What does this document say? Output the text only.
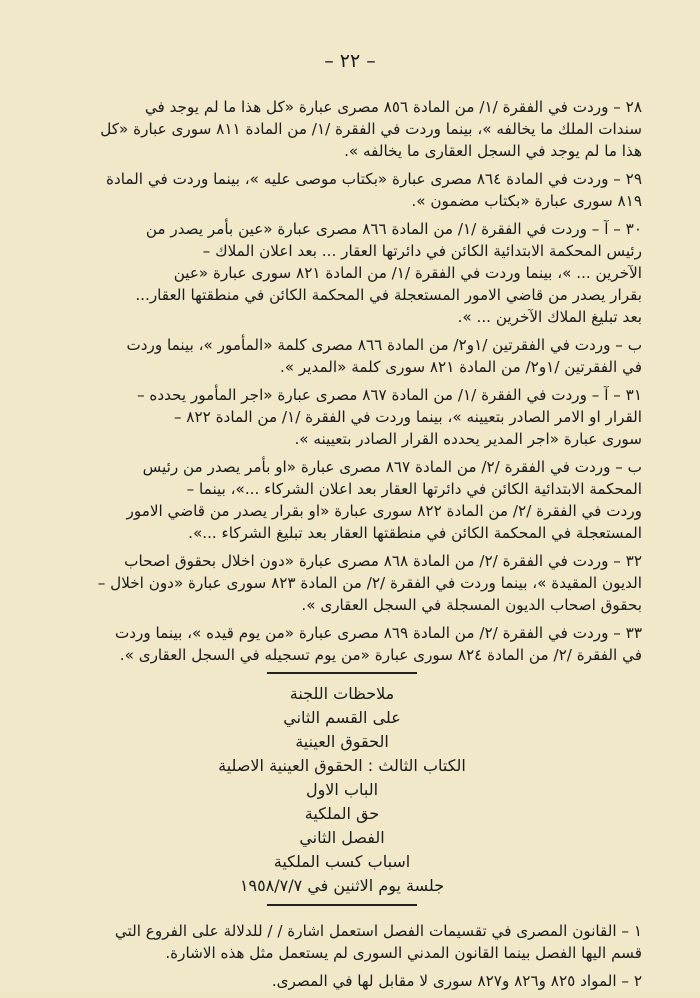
– ٢٢ –
٢٨ – وردت في الفقرة /١/ من المادة ٨٥٦ مصرى عبارة «كل هذا ما لم يوجد في
سندات الملك ما يخالفه »، بينما وردت في الفقرة /١/ من المادة ٨١١ سورى عبارة «كل
هذا ما لم يوجد في السجل العقارى ما يخالفه ».
٢٩ – وردت في المادة ٨٦٤ مصرى عبارة «بكتاب موصى عليه »، بينما وردت في المادة
٨١٩ سورى عبارة «بكتاب مضمون ».
٣٠ – آ – وردت في الفقرة /١/ من المادة ٨٦٦ مصرى عبارة «عين بأمر يصدر من
رئيس المحكمة الابتدائية الكائن في دائرتها العقار ... بعد اعلان الملاك –
الآخرين ... »، بينما وردت في الفقرة /١/ من المادة ٨٢١ سورى عبارة «عين
بقرار يصدر من قاضي الامور المستعجلة في المحكمة الكائن في منطقتها العقار...
بعد تبليغ الملاك الآخرين ... ».
ب – وردت في الفقرتين /١و٢/ من المادة ٨٦٦ مصرى كلمة «المأمور »، بينما وردت
في الفقرتين /١و٢/ من المادة ٨٢١ سورى كلمة «المدير ».
٣١ – آ – وردت في الفقرة /١/ من المادة ٨٦٧ مصرى عبارة «اجر المأمور يحدده –
القرار او الامر الصادر بتعيينه »، بينما وردت في الفقرة /١/ من المادة ٨٢٢ –
سورى عبارة «اجر المدير يحدده القرار الصادر بتعيينه ».
ب – وردت في الفقرة /٢/ من المادة ٨٦٧ مصرى عبارة «او بأمر يصدر من رئيس
المحكمة الابتدائية الكائن في دائرتها العقار بعد اعلان الشركاء ...»، بينما –
وردت في الفقرة /٢/ من المادة ٨٢٢ سورى عبارة «او بقرار يصدر من قاضي الامور
المستعجلة في المحكمة الكائن في منطقتها العقار بعد تبليغ الشركاء ...».
٣٢ – وردت في الفقرة /٢/ من المادة ٨٦٨ مصرى عبارة «دون اخلال بحقوق اصحاب
الديون المقيدة »، بينما وردت في الفقرة /٢/ من المادة ٨٢٣ سورى عبارة «دون اخلال –
بحقوق اصحاب الديون المسجلة في السجل العقارى ».
٣٣ – وردت في الفقرة /٢/ من المادة ٨٦٩ مصرى عبارة «من يوم قيده »، بينما وردت
في الفقرة /٢/ من المادة ٨٢٤ سورى عبارة «من يوم تسجيله في السجل العقارى ».
ملاحظات اللجنة
على القسم الثاني
الحقوق العينية
الكتاب الثالث : الحقوق العينية الاصلية
الباب الاول
حق الملكية
الفصل الثاني
اسباب كسب الملكية
جلسة يوم الاثنين في ١٩٥٨/٧/٧
١ – القانون المصرى في تقسيمات الفصل استعمل اشارة / / للدلالة على الفروع التي
قسم اليها الفصل بينما القانون المدني السورى لم يستعمل مثل هذه الاشارة.
٢ – المواد ٨٢٥ و٨٢٦ و٨٢٧ سورى لا مقابل لها في المصرى.
